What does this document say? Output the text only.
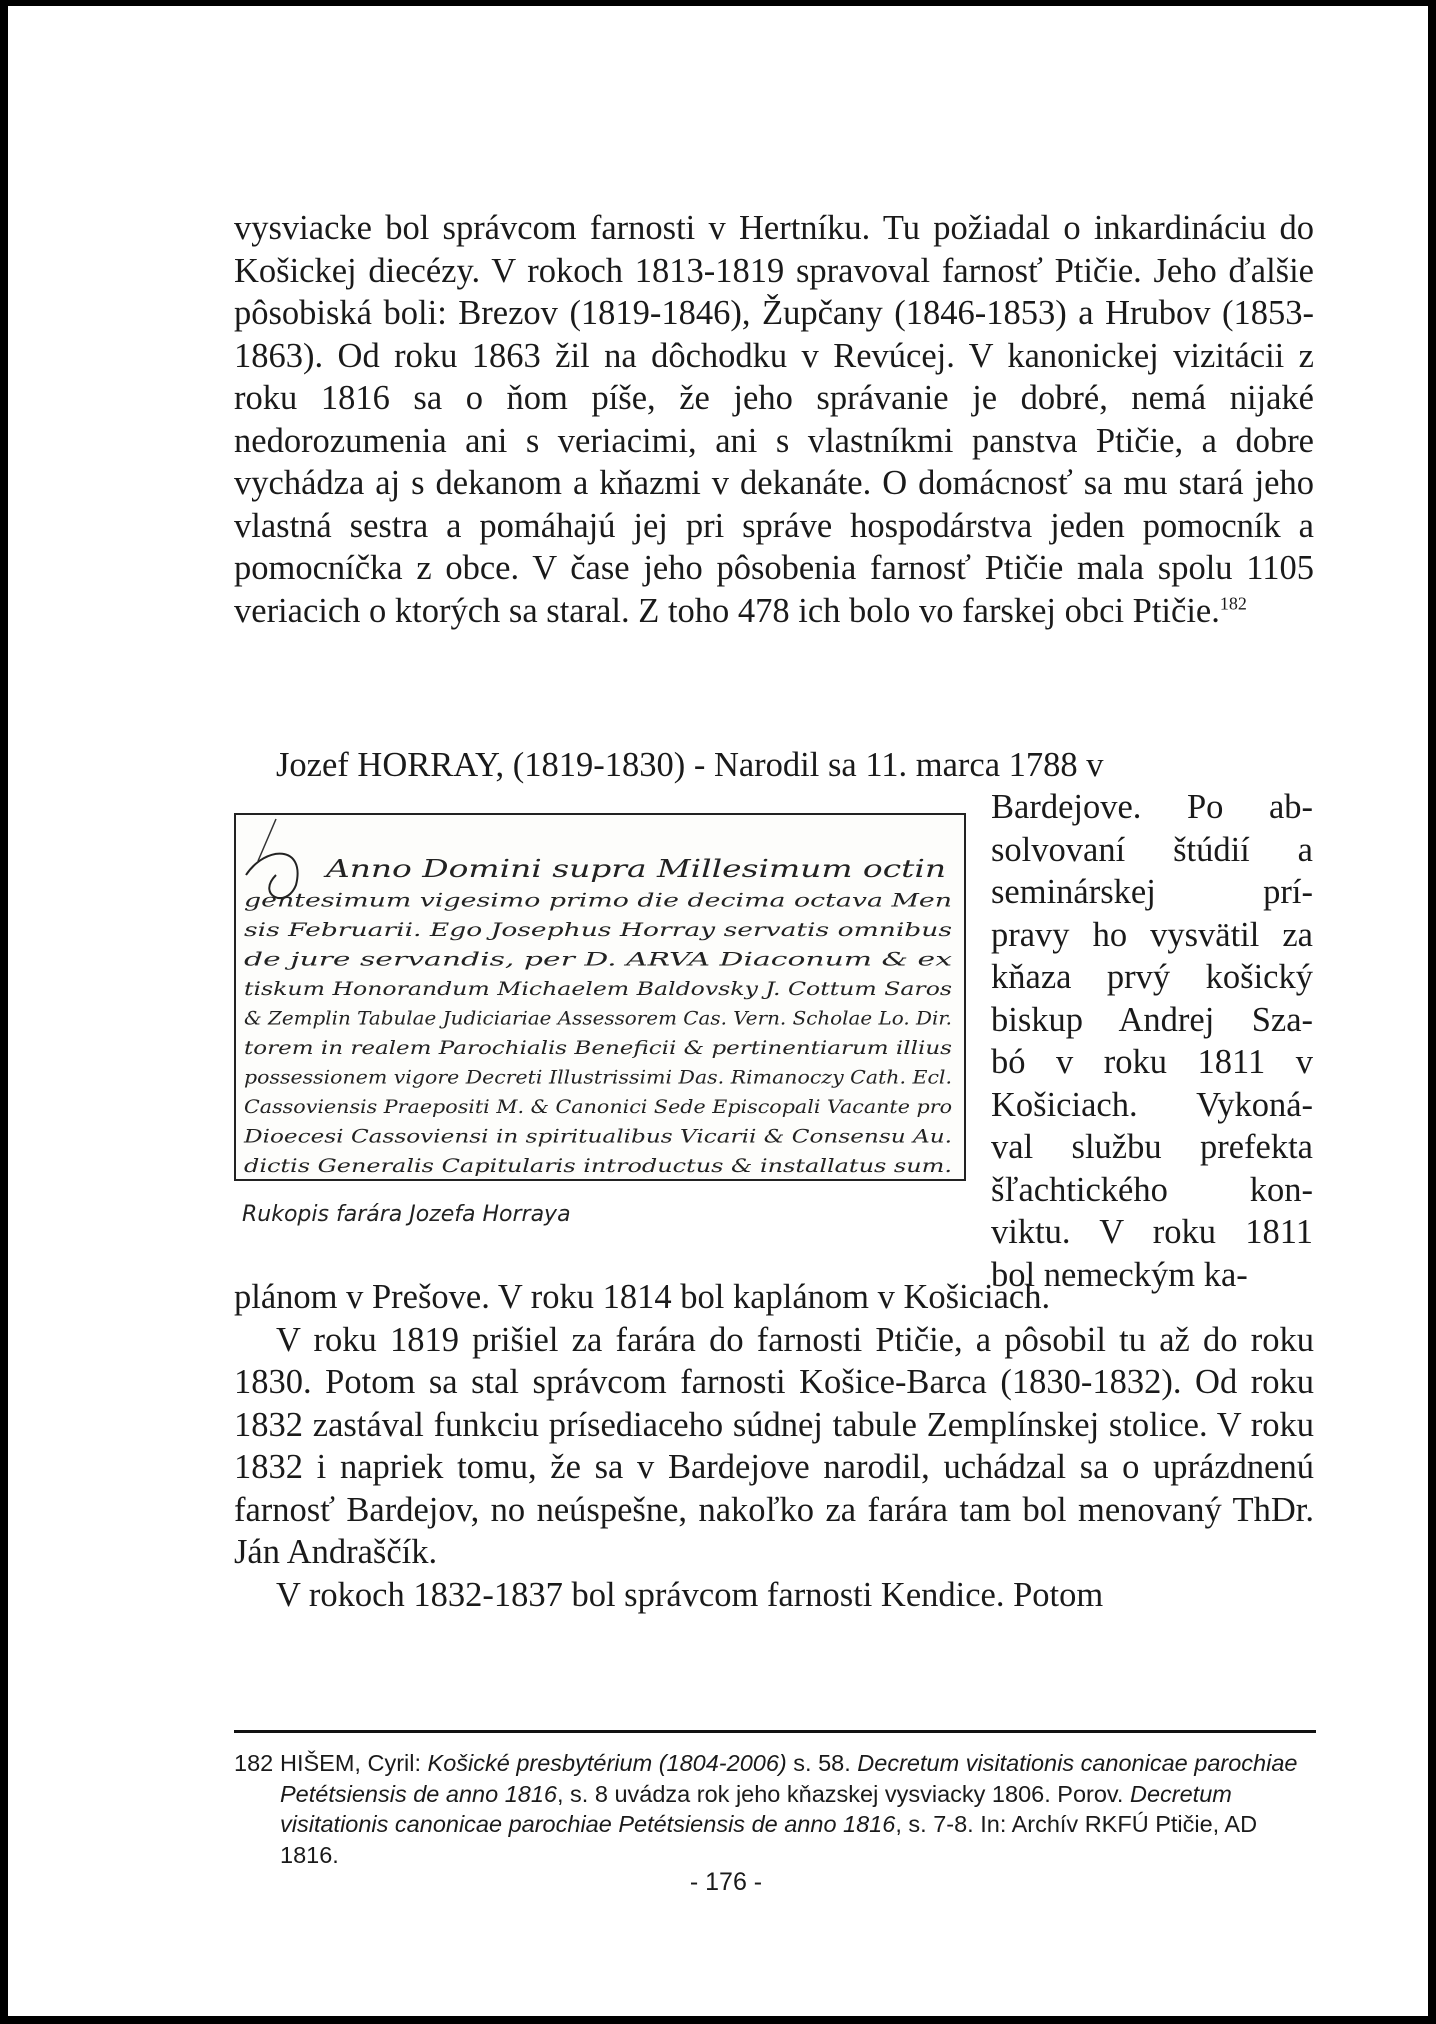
vysviacke bol správcom farnosti v Hertníku. Tu požiadal o inkardináciu do Košickej diecézy. V rokoch 1813-1819 spravoval farnosť Ptičie. Jeho ďalšie pôsobiská boli: Brezov (1819-1846), Župčany (1846-1853) a Hrubov (1853-1863). Od roku 1863 žil na dôchodku v Revúcej. V kanonickej vizitácii z roku 1816 sa o ňom píše, že jeho správanie je dobré, nemá nijaké nedorozumenia ani s veriacimi, ani s vlastníkmi panstva Ptičie, a dobre vychádza aj s dekanom a kňazmi v dekanáte. O domácnosť sa mu stará jeho vlastná sestra a pomáhajú jej pri správe hospodárstva jeden pomocník a pomocníčka z obce. V čase jeho pôsobenia farnosť Ptičie mala spolu 1105 veriacich o ktorých sa staral. Z toho 478 ich bolo vo farskej obci Ptičie.$^{182}$

Jozef HORRAY, (1819-1830) - Narodil sa 11. marca 1788 v
Anno Domini supra Millesimum octin
gentesimum vigesimo primo die decima octava Men
sis Februarii. Ego Josephus Horray servatis omnibus
de jure servandis, per D. ARVA Diaconum & ex
tiskum Honorandum Michaelem Baldovsky J. Cottum Saros
& Zemplin Tabulae Judiciariae Assessorem Cas. Vern. Scholae Lo. Dir.
torem in realem Parochialis Beneficii & pertinentiarum illius
possessionem vigore Decreti Illustrissimi Das. Rimanoczy Cath. Ecl.
Cassoviensis Praepositi M. & Canonici Sede Episcopali Vacante pro
Dioecesi Cassoviensi in spiritualibus Vicarii & Consensu Au.
dictis Generalis Capitularis introductus & installatus sum.
Rukopis farára Jozefa Horraya
Bardejove. Po ab-
solvovaní štúdií a
seminárskej prí-
pravy ho vysvätil za
kňaza prvý košický
biskup Andrej Sza-
bó v roku 1811 v
Košiciach. Vykoná-
val službu prefekta
šľachtického kon-
viktu. V roku 1811
bol nemeckým ka-

plánom v Prešove. V roku 1814 bol kaplánom v Košiciach.

V roku 1819 prišiel za farára do farnosti Ptičie, a pôsobil tu až do roku 1830. Potom sa stal správcom farnosti Košice-Barca (1830-1832). Od roku 1832 zastával funkciu prísediaceho súdnej tabule Zemplínskej stolice. V roku 1832 i napriek tomu, že sa v Bardejove narodil, uchádzal sa o uprázdnenú farnosť Bardejov, no neúspešne, nakoľko za farára tam bol menovaný ThDr. Ján Andraščík.

V rokoch 1832-1837 bol správcom farnosti Kendice. Potom

182 HIŠEM, Cyril: Košické presbytérium (1804-2006) s. 58. Decretum visitationis canonicae parochiae Petétsiensis de anno 1816, s. 8 uvádza rok jeho kňazskej vysviacky 1806. Porov. Decretum visitationis canonicae parochiae Petétsiensis de anno 1816, s. 7-8. In: Archív RKFÚ Ptičie, AD 1816.
- 176 -
